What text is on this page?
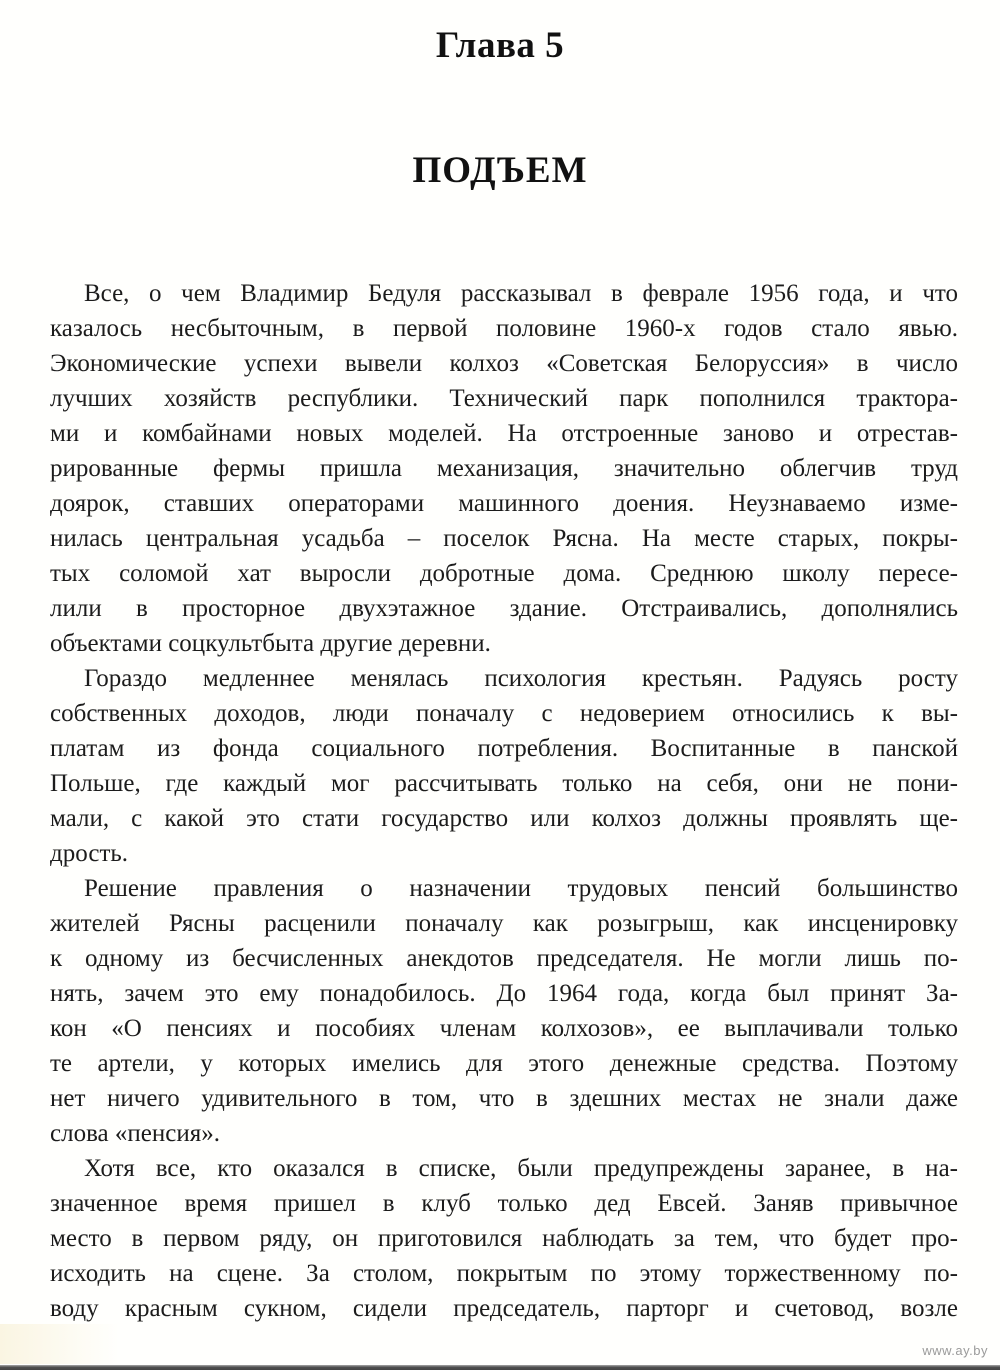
Глава 5
ПОДЪЕМ
Все, о чем Владимир Бедуля рассказывал в феврале 1956 года, и что
казалось несбыточным, в первой половине 1960-х годов стало явью.
Экономические успехи вывели колхоз «Советская Белоруссия» в число
лучших хозяйств республики. Технический парк пополнился трактора-
ми и комбайнами новых моделей. На отстроенные заново и отрестав-
рированные фермы пришла механизация, значительно облегчив труд
доярок, ставших операторами машинного доения. Неузнаваемо изме-
нилась центральная усадьба – поселок Рясна. На месте старых, покры-
тых соломой хат выросли добротные дома. Среднюю школу пересе-
лили в просторное двухэтажное здание. Отстраивались, дополнялись
объектами соцкультбыта другие деревни.
Гораздо медленнее менялась психология крестьян. Радуясь росту
собственных доходов, люди поначалу с недоверием относились к вы-
платам из фонда социального потребления. Воспитанные в панской
Польше, где каждый мог рассчитывать только на себя, они не пони-
мали, с какой это стати государство или колхоз должны проявлять ще-
дрость.
Решение правления о назначении трудовых пенсий большинство
жителей Рясны расценили поначалу как розыгрыш, как инсценировку
к одному из бесчисленных анекдотов председателя. Не могли лишь по-
нять, зачем это ему понадобилось. До 1964 года, когда был принят За-
кон «О пенсиях и пособиях членам колхозов», ее выплачивали только
те артели, у которых имелись для этого денежные средства. Поэтому
нет ничего удивительного в том, что в здешних местах не знали даже
слова «пенсия».
Хотя все, кто оказался в списке, были предупреждены заранее, в на-
значенное время пришел в клуб только дед Евсей. Заняв привычное
место в первом ряду, он приготовился наблюдать за тем, что будет про-
исходить на сцене. За столом, покрытым по этому торжественному по-
воду красным сукном, сидели председатель, парторг и счетовод, возле
www.ay.by
